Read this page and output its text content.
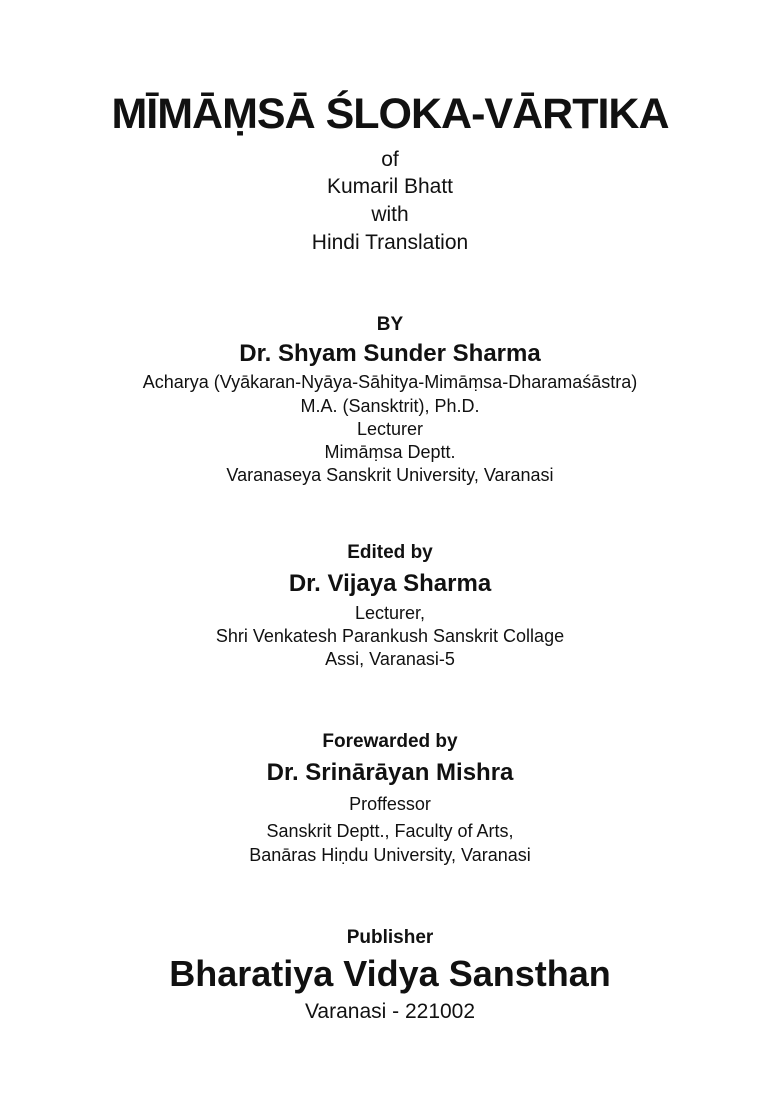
MĪMĀṂSĀ ŚLOKA-VĀRTIKA
of
Kumaril Bhatt
with
Hindi Translation
BY
Dr. Shyam Sunder Sharma
Acharya (Vyākaran-Nyāya-Sāhitya-Mimāṃsa-Dharamaśāstra)
M.A. (Sansktrit), Ph.D.
Lecturer
Mimāṃsa Deptt.
Varanaseya Sanskrit University, Varanasi
Edited by
Dr. Vijaya Sharma
Lecturer,
Shri Venkatesh Parankush Sanskrit Collage
Assi, Varanasi-5
Forewarded by
Dr. Srinārāyan Mishra
Proffessor
Sanskrit Deptt., Faculty of Arts,
Banāras Hiṇdu University, Varanasi
Publisher
Bharatiya Vidya Sansthan
Varanasi - 221002
